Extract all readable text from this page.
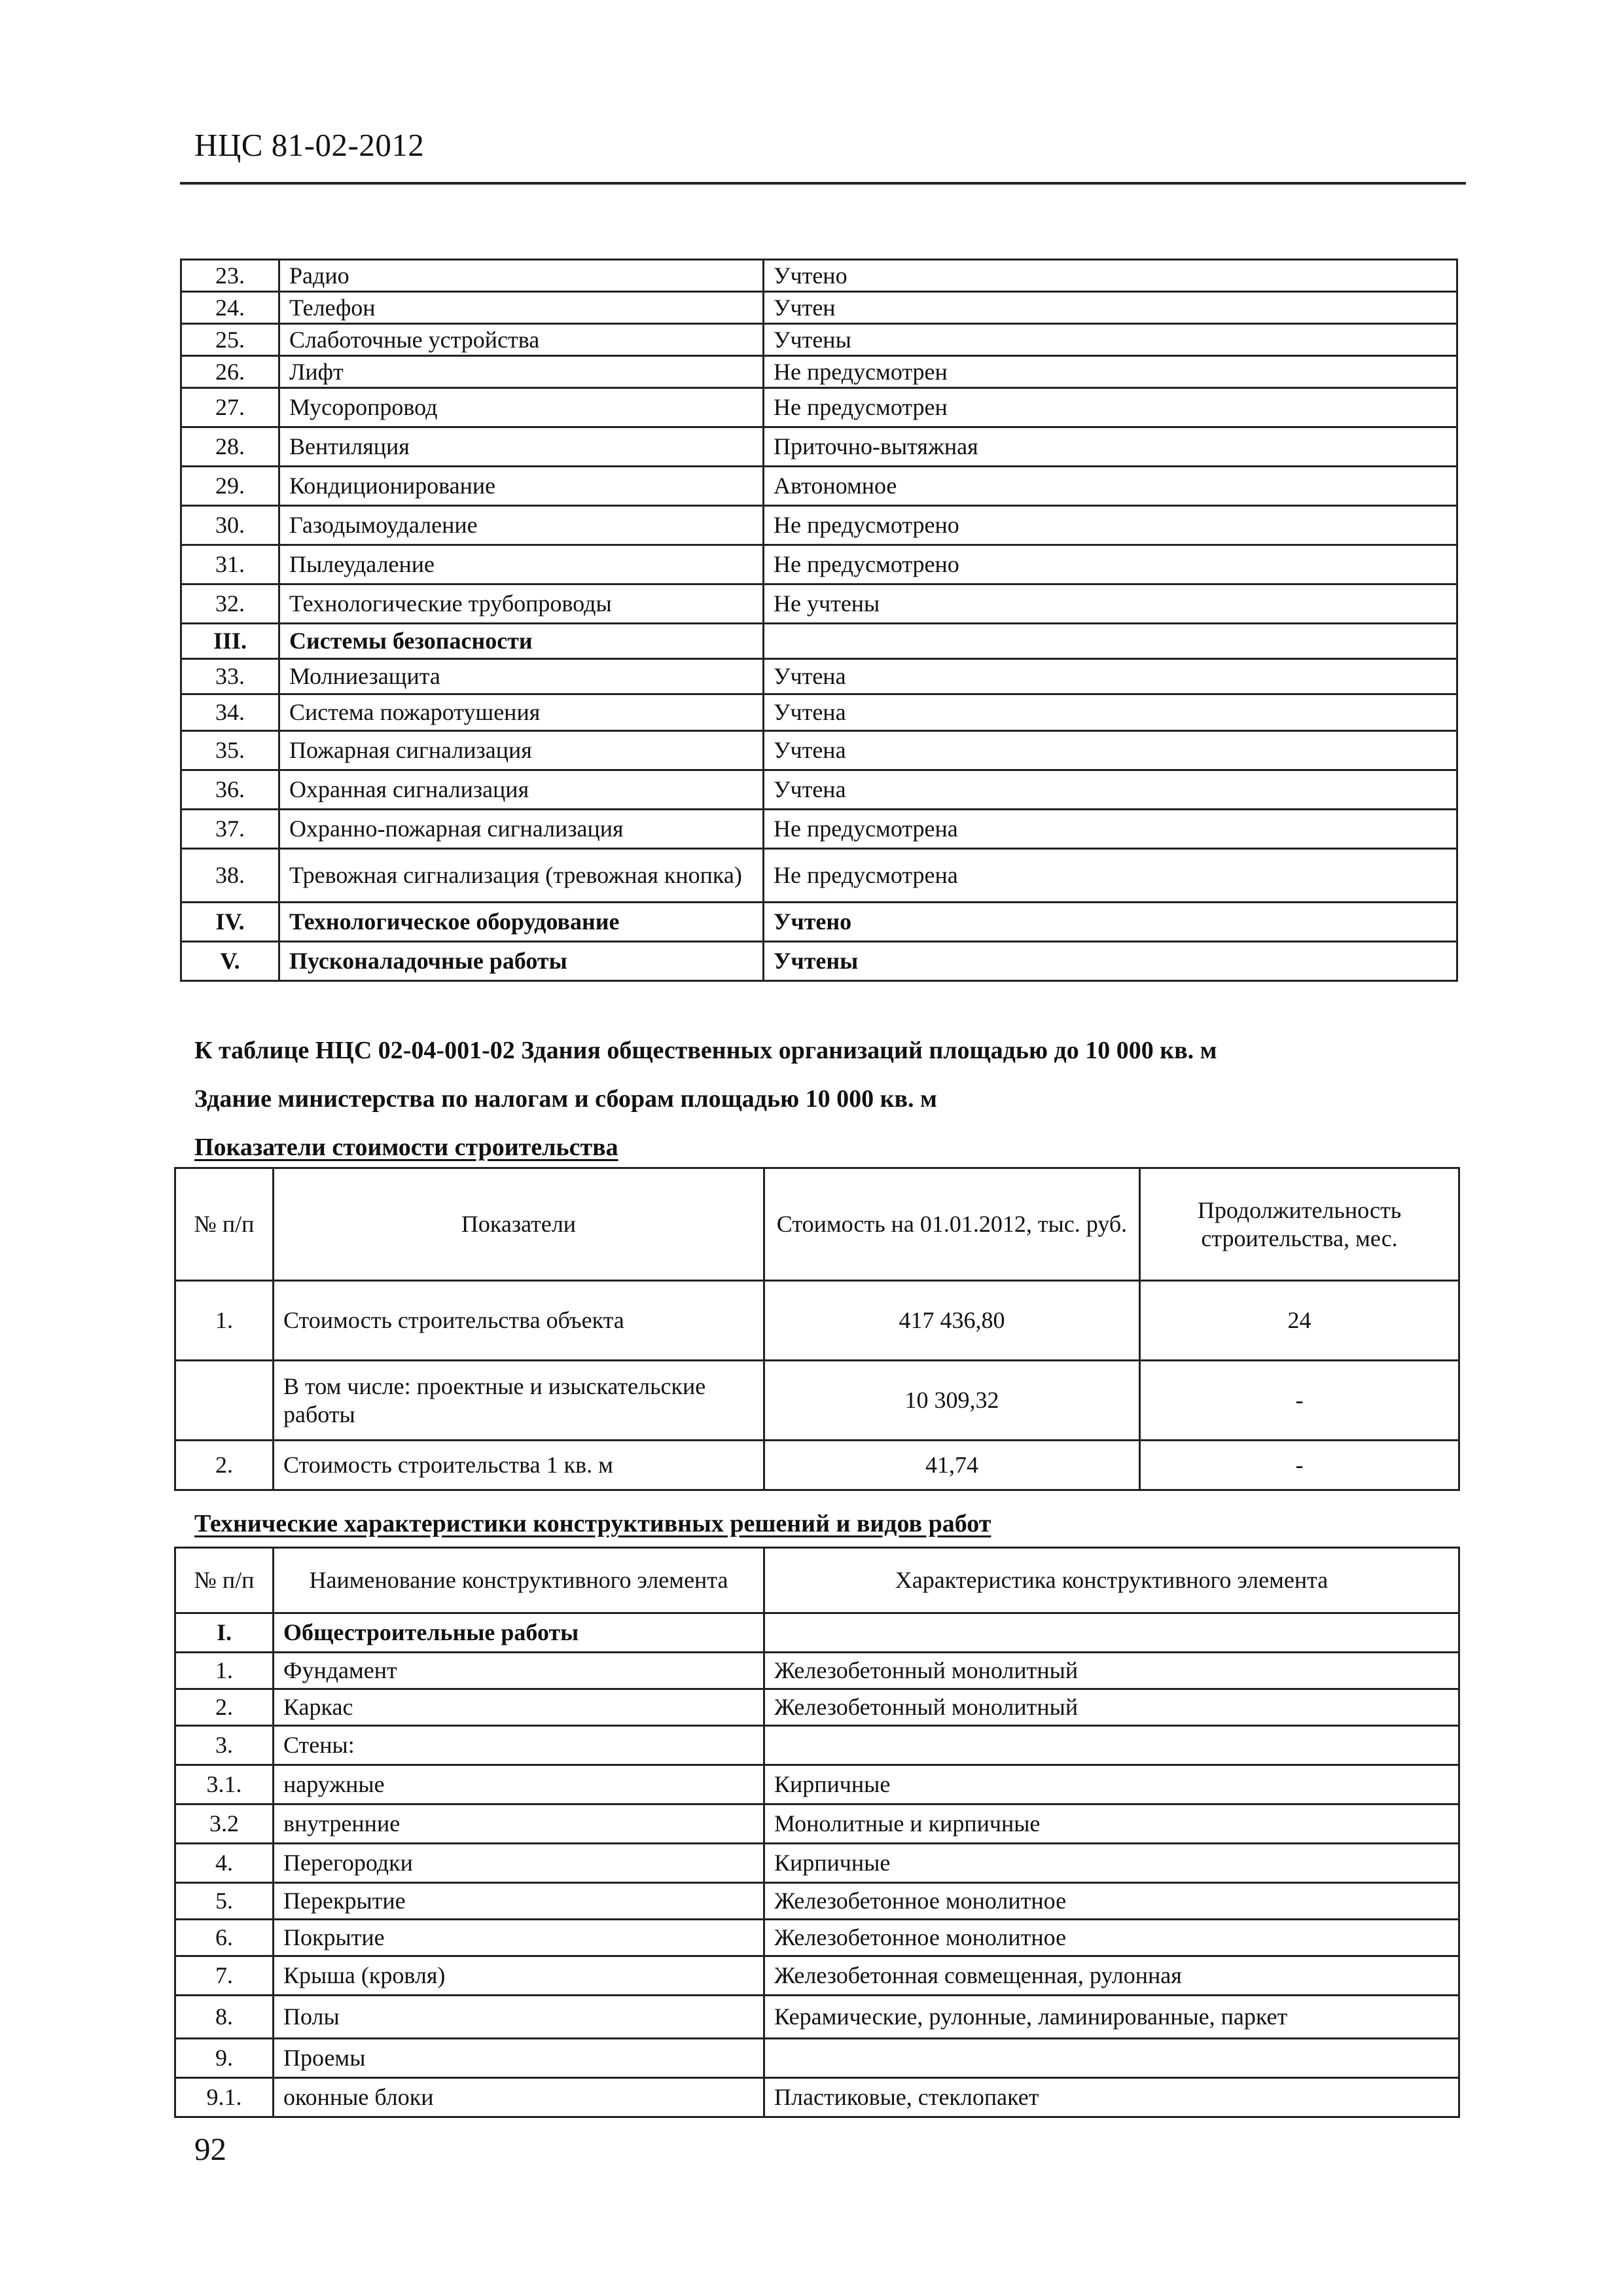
НЦС 81-02-2012
23.	Радио	Учтено
24.	Телефон	Учтен
25.	Слаботочные устройства	Учтены
26.	Лифт	Не предусмотрен
27.	Мусоропровод	Не предусмотрен
28.	Вентиляция	Приточно-вытяжная
29.	Кондиционирование	Автономное
30.	Газодымоудаление	Не предусмотрено
31.	Пылеудаление	Не предусмотрено
32.	Технологические трубопроводы	Не учтены
III.	Системы безопасности	
33.	Молниезащита	Учтена
34.	Система пожаротушения	Учтена
35.	Пожарная сигнализация	Учтена
36.	Охранная сигнализация	Учтена
37.	Охранно-пожарная сигнализация	Не предусмотрена
38.	Тревожная сигнализация (тревожная кнопка)	Не предусмотрена
IV.	Технологическое оборудование	Учтено
V.	Пусконаладочные работы	Учтены
К таблице НЦС 02-04-001-02 Здания общественных организаций площадью до 10 000 кв. м
Здание министерства по налогам и сборам площадью 10 000 кв. м
Показатели стоимости строительства
№ п/п	Показатели	Стоимость на 01.01.2012, тыс. руб.	Продолжительность строительства, мес.
1.	Стоимость строительства объекта	417 436,80	24
	В том числе: проектные и изыскательские работы	10 309,32	-
2.	Стоимость строительства 1 кв. м	41,74	-
Технические характеристики конструктивных решений и видов работ
№ п/п	Наименование конструктивного элемента	Характеристика конструктивного элемента
I.	Общестроительные работы	
1.	Фундамент	Железобетонный монолитный
2.	Каркас	Железобетонный монолитный
3.	Стены:	
3.1.	наружные	Кирпичные
3.2	внутренние	Монолитные и кирпичные
4.	Перегородки	Кирпичные
5.	Перекрытие	Железобетонное монолитное
6.	Покрытие	Железобетонное монолитное
7.	Крыша (кровля)	Железобетонная совмещенная, рулонная
8.	Полы	Керамические, рулонные, ламинированные, паркет
9.	Проемы	
9.1.	оконные блоки	Пластиковые, стеклопакет
92
